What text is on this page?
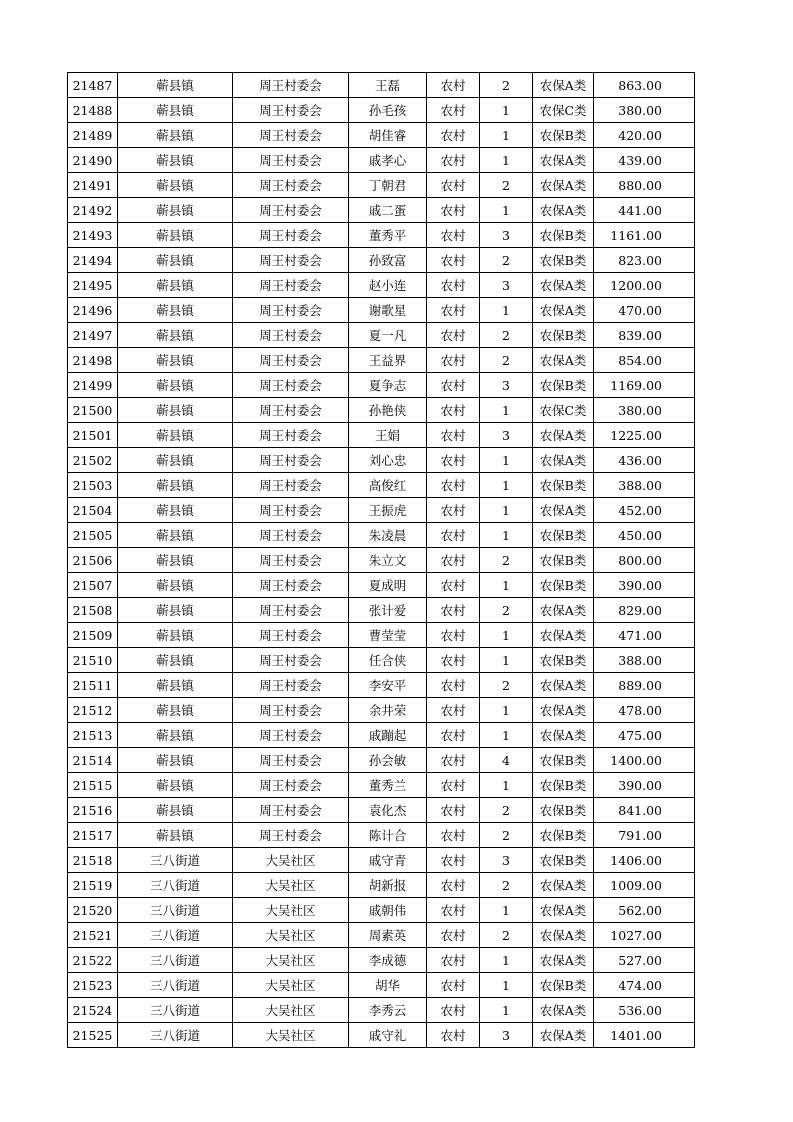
21487	蕲县镇	周王村委会	王磊	农村	2	农保A类	863.00
21488	蕲县镇	周王村委会	孙毛孩	农村	1	农保C类	380.00
21489	蕲县镇	周王村委会	胡佳睿	农村	1	农保B类	420.00
21490	蕲县镇	周王村委会	戚孝心	农村	1	农保A类	439.00
21491	蕲县镇	周王村委会	丁朝君	农村	2	农保A类	880.00
21492	蕲县镇	周王村委会	戚二蛋	农村	1	农保A类	441.00
21493	蕲县镇	周王村委会	董秀平	农村	3	农保B类	1161.00
21494	蕲县镇	周王村委会	孙致富	农村	2	农保B类	823.00
21495	蕲县镇	周王村委会	赵小连	农村	3	农保A类	1200.00
21496	蕲县镇	周王村委会	谢歌星	农村	1	农保A类	470.00
21497	蕲县镇	周王村委会	夏一凡	农村	2	农保B类	839.00
21498	蕲县镇	周王村委会	王益界	农村	2	农保A类	854.00
21499	蕲县镇	周王村委会	夏争志	农村	3	农保B类	1169.00
21500	蕲县镇	周王村委会	孙艳侠	农村	1	农保C类	380.00
21501	蕲县镇	周王村委会	王娟	农村	3	农保A类	1225.00
21502	蕲县镇	周王村委会	刘心忠	农村	1	农保A类	436.00
21503	蕲县镇	周王村委会	高俊红	农村	1	农保B类	388.00
21504	蕲县镇	周王村委会	王振虎	农村	1	农保A类	452.00
21505	蕲县镇	周王村委会	朱凌晨	农村	1	农保B类	450.00
21506	蕲县镇	周王村委会	朱立文	农村	2	农保B类	800.00
21507	蕲县镇	周王村委会	夏成明	农村	1	农保B类	390.00
21508	蕲县镇	周王村委会	张计爱	农村	2	农保A类	829.00
21509	蕲县镇	周王村委会	曹莹莹	农村	1	农保A类	471.00
21510	蕲县镇	周王村委会	任合侠	农村	1	农保B类	388.00
21511	蕲县镇	周王村委会	李安平	农村	2	农保A类	889.00
21512	蕲县镇	周王村委会	余井荣	农村	1	农保A类	478.00
21513	蕲县镇	周王村委会	戚蹦起	农村	1	农保A类	475.00
21514	蕲县镇	周王村委会	孙会敏	农村	4	农保B类	1400.00
21515	蕲县镇	周王村委会	董秀兰	农村	1	农保B类	390.00
21516	蕲县镇	周王村委会	袁化杰	农村	2	农保B类	841.00
21517	蕲县镇	周王村委会	陈计合	农村	2	农保B类	791.00
21518	三八街道	大吴社区	戚守青	农村	3	农保B类	1406.00
21519	三八街道	大吴社区	胡新报	农村	2	农保A类	1009.00
21520	三八街道	大吴社区	戚朝伟	农村	1	农保A类	562.00
21521	三八街道	大吴社区	周素英	农村	2	农保A类	1027.00
21522	三八街道	大吴社区	李成德	农村	1	农保A类	527.00
21523	三八街道	大吴社区	胡华	农村	1	农保B类	474.00
21524	三八街道	大吴社区	李秀云	农村	1	农保A类	536.00
21525	三八街道	大吴社区	戚守礼	农村	3	农保A类	1401.00
